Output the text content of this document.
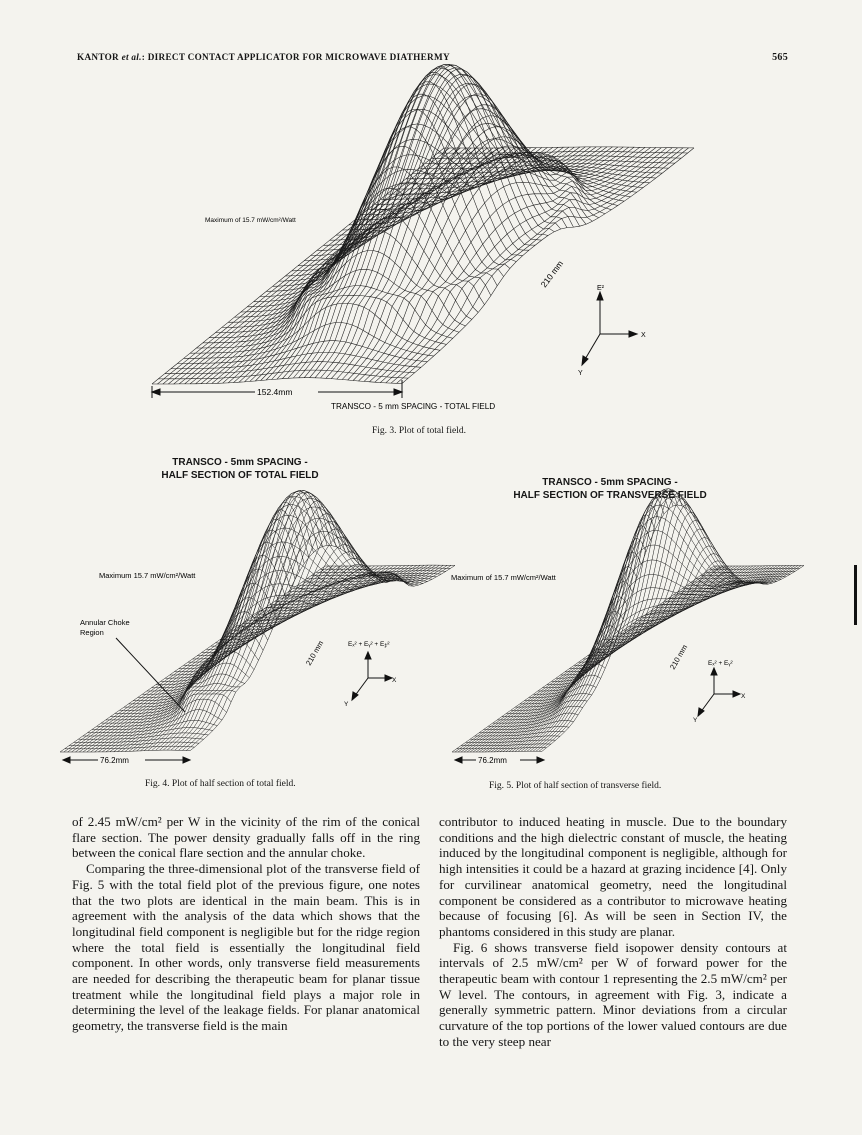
KANTOR et al.: DIRECT CONTACT APPLICATOR FOR MICROWAVE DIATHERMY	565
152.4mm
210 mm
Maximum of 15.7 mW/cm²/Watt
TRANSCO - 5 mm SPACING - TOTAL FIELD
E²
X
Y
Fig. 3. Plot of total field.
TRANSCO - 5mm SPACING -
HALF SECTION OF TOTAL FIELD
76.2mm
210 mm
Maximum 15.7 mW/cm²/Watt
Annular Choke
Region
Eₓ² + Eᵧ² + E𝓏²
X
Y
Fig. 4. Plot of half section of total field.
TRANSCO - 5mm SPACING -
HALF SECTION OF TRANSVERSE FIELD
76.2mm
210 mm
Maximum of 15.7 mW/cm²/Watt
Eₓ² + Eᵧ²
X
Y
Fig. 5. Plot of half section of transverse field.

of 2.45 mW/cm² per W in the vicinity of the rim of the conical flare section. The power density gradually falls off in the ring between the conical flare section and the annular choke.

Comparing the three-dimensional plot of the transverse field of Fig. 5 with the total field plot of the previous figure, one notes that the two plots are identical in the main beam. This is in agreement with the analysis of the data which shows that the longitudinal field component is negligible but for the ridge region where the total field is essentially the longitudinal field component. In other words, only transverse field measurements are needed for describing the therapeutic beam for planar tissue treatment while the longitudinal field plays a major role in determining the level of the leakage fields. For planar anatomical geometry, the transverse field is the main

contributor to induced heating in muscle. Due to the boundary conditions and the high dielectric constant of muscle, the heating induced by the longitudinal component is negligible, although for high intensities it could be a hazard at grazing incidence [4]. Only for curvilinear anatomical geometry, need the longitudinal component be considered as a contributor to microwave heating because of focusing [6]. As will be seen in Section IV, the phantoms considered in this study are planar.

Fig. 6 shows transverse field isopower density contours at intervals of 2.5 mW/cm² per W of forward power for the therapeutic beam with contour 1 representing the 2.5 mW/cm² per W level. The contours, in agreement with Fig. 3, indicate a generally symmetric pattern. Minor deviations from a circular curvature of the top portions of the lower valued contours are due to the very steep near
